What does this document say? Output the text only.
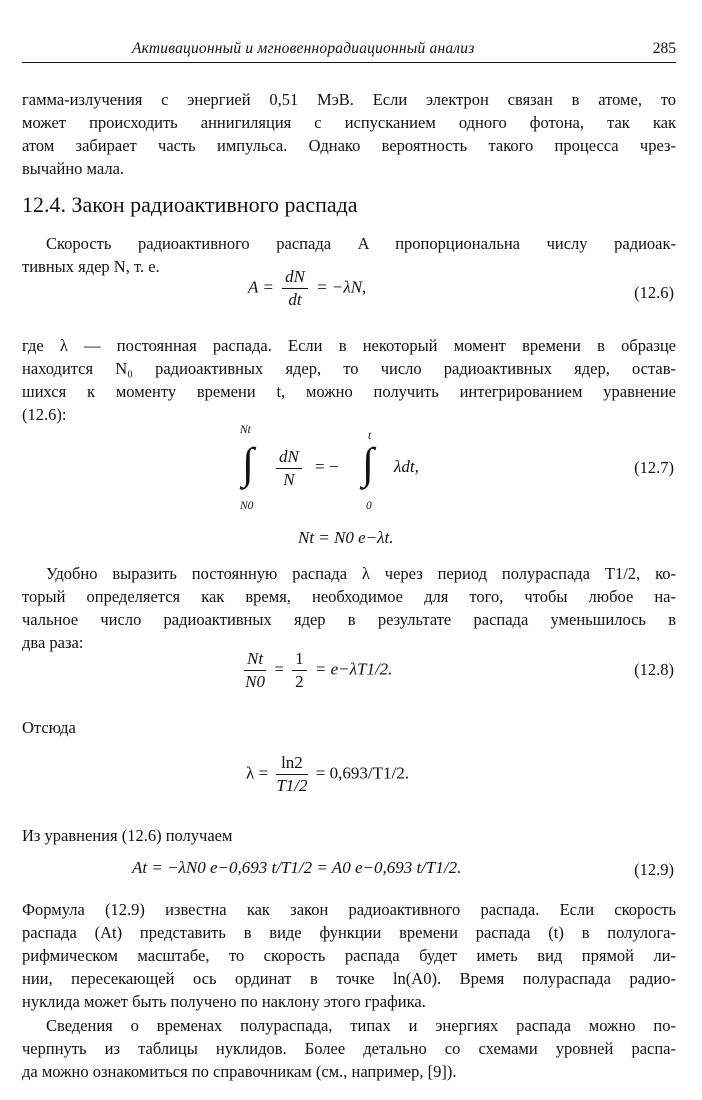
Активационный и мгновеннорадиационный анализ	285
гамма-излучения с энергией 0,51 МэВ. Если электрон связан в атоме, то
может происходить аннигиляция с испусканием одного фотона, так как
атом забирает часть импульса. Однако вероятность такого процесса чрез-
вычайно мала.
12.4. Закон радиоактивного распада
Скорость радиоактивного распада A пропорциональна числу радиоак-
тивных ядер N, т. е.
$A = \frac{dN}{dt} = -\lambda N$,	(12.6)
где λ — постоянная распада. Если в некоторый момент времени в образце
находится N₀ радиоактивных ядер, то число радиоактивных ядер, остав-
шихся к моменту времени t, можно получить интегрированием уравнение
(12.6):
Nt
∫
N0
$\frac{dN}{N}$ = −
t
∫
0
λdt,	(12.7)
Nt = N0 e−λt.
Удобно выразить постоянную распада λ через период полураспада T1/2, ко-
торый определяется как время, необходимое для того, чтобы любое на-
чальное число радиоактивных ядер в результате распада уменьшилось в
два раза:
$\frac{Nt}{N0} = \frac{1}{2} = e-\lambda T1/2$.	(12.8)
Отсюда
$\lambda = \frac{\ln 2}{T1/2} = 0,693/T1/2$.
Из уравнения (12.6) получаем
At = −λN0 e−0,693 t/T1/2 = A0 e−0,693 t/T1/2.	(12.9)
Формула (12.9) известна как закон радиоактивного распада. Если скорость
распада (At) представить в виде функции времени распада (t) в полулога-
рифмическом масштабе, то скорость распада будет иметь вид прямой ли-
нии, пересекающей ось ординат в точке ln(A0). Время полураспада радио-
нуклида может быть получено по наклону этого графика.
Сведения о временах полураспада, типах и энергиях распада можно по-
черпнуть из таблицы нуклидов. Более детально со схемами уровней распа-
да можно ознакомиться по справочникам (см., например, [9]).
